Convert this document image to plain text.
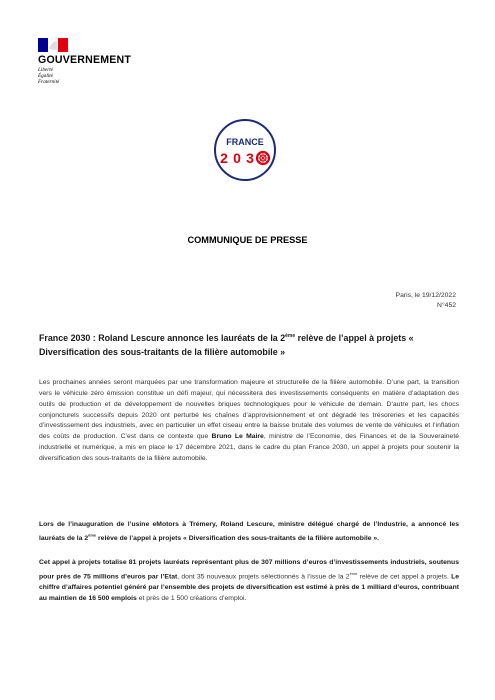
GOUVERNEMENT
Liberté
Égalité
Fraternité
FRANCE
2 0 3
COMMUNIQUE DE PRESSE
Paris, le 19/12/2022
N°452
France 2030 : Roland Lescure annonce les lauréats de la 2ème relève de l’appel à projets « Diversification des sous-traitants de la filière automobile »
Les prochaines années seront marquées par une transformation majeure et structurelle de la filière automobile. D’une part, la transition vers le véhicule zéro émission constitue un défi majeur, qui nécessitera des investissements conséquents en matière d’adaptation des outils de production et de développement de nouvelles briques technologiques pour le véhicule de demain. D’autre part, les chocs conjoncturels successifs depuis 2020 ont perturbé les chaînes d’approvisionnement et ont dégradé les trésoreries et les capacités d’investissement des industriels, avec en particulier un effet ciseau entre la baisse brutale des volumes de vente de véhicules et l’inflation des coûts de production. C’est dans ce contexte que Bruno Le Maire, ministre de l’Economie, des Finances et de la Souveraineté industrielle et numérique, a mis en place le 17 décembre 2021, dans le cadre du plan France 2030, un appel à projets pour soutenir la diversification des sous-traitants de la filière automobile.
Lors de l’inauguration de l’usine eMotors à Trémery, Roland Lescure, ministre délégué chargé de l’Industrie, a annoncé les lauréats de la 2ème relève de l’appel à projets « Diversification des sous-traitants de la filière automobile ».
Cet appel à projets totalise 81 projets lauréats représentant plus de 307 millions d’euros d’investissements industriels, soutenus pour près de 75 millions d’euros par l’Etat, dont 35 nouveaux projets sélectionnés à l’issue de la 2ème relève de cet appel à projets. Le chiffre d’affaires potentiel généré par l’ensemble des projets de diversification est estimé à près de 1 milliard d’euros, contribuant au maintien de 16 500 emplois et près de 1 500 créations d’emploi.
